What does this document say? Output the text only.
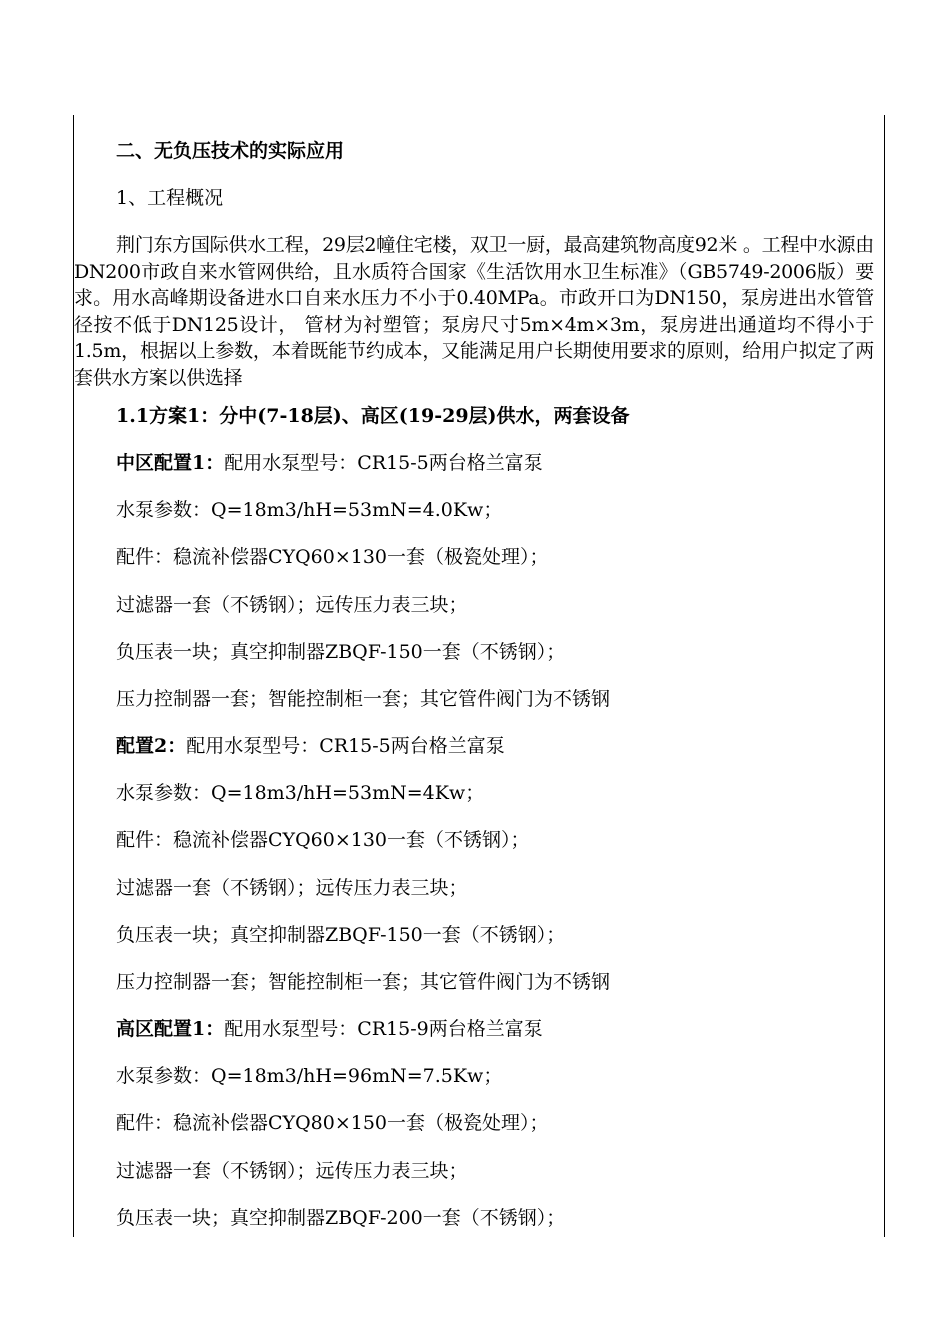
二、无负压技术的实际应用
1、工程概况

荆门东方国际供水工程，29层2幢住宅楼，双卫一厨，最高建筑物高度92米 。工程中水源由DN200市政自来水管网供给，且水质符合国家《生活饮用水卫生标准》（GB5749-2006版）要求。用水高峰期设备进水口自来水压力不小于0.40MPa。市政开口为DN150，泵房进出水管管径按不低于DN125设计， 管材为衬塑管；泵房尺寸5m×4m×3m，泵房进出通道均不得小于1.5m，根据以上参数，本着既能节约成本，又能满足用户长期使用要求的原则，给用户拟定了两套供水方案以供选择

1.1方案1：分中(7-18层)、高区(19-29层)供水，两套设备
中区配置1：配用水泵型号：CR15-5两台格兰富泵
水泵参数：Q=18m3/hH=53mN=4.0Kw；
配件：稳流补偿器CYQ60×130一套（极瓷处理）；
过滤器一套（不锈钢）；远传压力表三块；
负压表一块；真空抑制器ZBQF-150一套（不锈钢）；
压力控制器一套；智能控制柜一套；其它管件阀门为不锈钢
配置2：配用水泵型号：CR15-5两台格兰富泵
水泵参数：Q=18m3/hH=53mN=4Kw；
配件：稳流补偿器CYQ60×130一套（不锈钢）；
过滤器一套（不锈钢）；远传压力表三块；
负压表一块；真空抑制器ZBQF-150一套（不锈钢）；
压力控制器一套；智能控制柜一套；其它管件阀门为不锈钢
高区配置1：配用水泵型号：CR15-9两台格兰富泵
水泵参数：Q=18m3/hH=96mN=7.5Kw；
配件：稳流补偿器CYQ80×150一套（极瓷处理）；
过滤器一套（不锈钢）；远传压力表三块；
负压表一块；真空抑制器ZBQF-200一套（不锈钢）；
